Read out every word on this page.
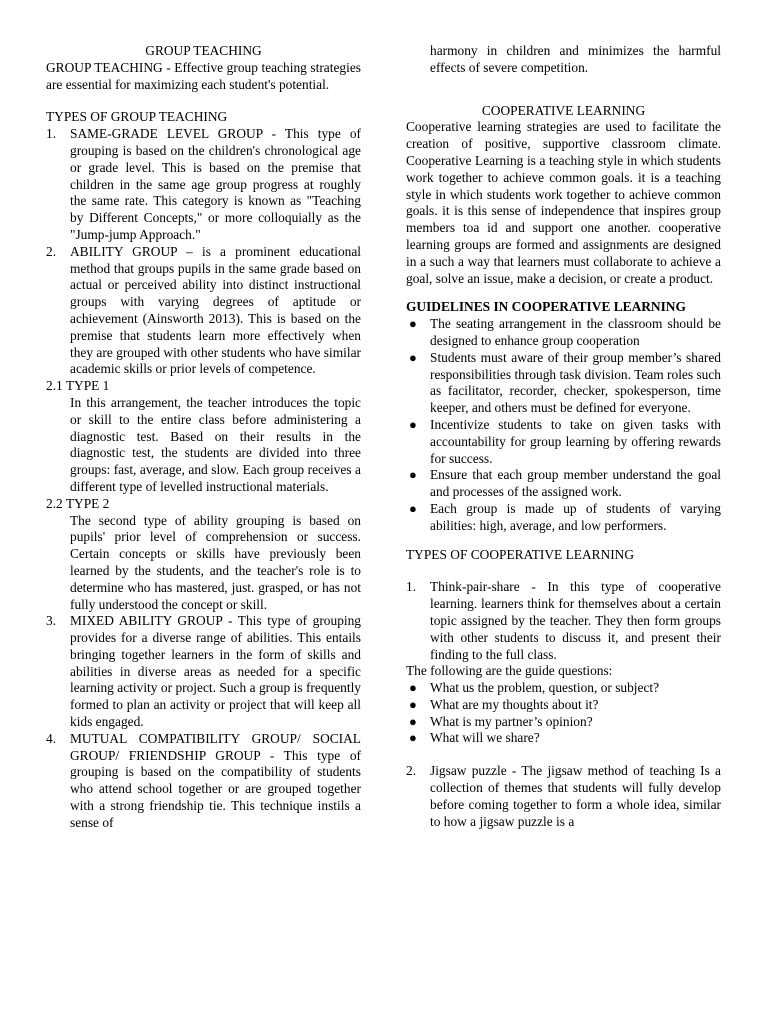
GROUP TEACHING

GROUP TEACHING - Effective group teaching strategies are essential for maximizing each student's potential.

TYPES OF GROUP TEACHING

1. SAME-GRADE LEVEL GROUP - This type of grouping is based on the children's chronological age or grade level. This is based on the premise that children in the same age group progress at roughly the same rate. This category is known as "Teaching by Different Concepts," or more colloquially as the "Jump-jump Approach."
2. ABILITY GROUP – is a prominent educational method that groups pupils in the same grade based on actual or perceived ability into distinct instructional groups with varying degrees of aptitude or achievement (Ainsworth 2013). This is based on the premise that students learn more effectively when they are grouped with other students who have similar academic skills or prior levels of competence.

2.1 TYPE 1

In this arrangement, the teacher introduces the topic or skill to the entire class before administering a diagnostic test. Based on their results in the diagnostic test, the students are divided into three groups: fast, average, and slow. Each group receives a different type of levelled instructional materials.

2.2 TYPE 2

The second type of ability grouping is based on pupils' prior level of comprehension or success. Certain concepts or skills have previously been learned by the students, and the teacher's role is to determine who has mastered, just. grasped, or has not fully understood the concept or skill.

3. MIXED ABILITY GROUP - This type of grouping provides for a diverse range of abilities. This entails bringing together learners in the form of skills and abilities in diverse areas as needed for a specific learning activity or project. Such a group is frequently formed to plan an activity or project that will keep all kids engaged.
4. MUTUAL COMPATIBILITY GROUP/ SOCIAL GROUP/ FRIENDSHIP GROUP - This type of grouping is based on the compatibility of students who attend school together or are grouped together with a strong friendship tie. This technique instils a sense of

harmony in children and minimizes the harmful effects of severe competition.

COOPERATIVE LEARNING

Cooperative learning strategies are used to facilitate the creation of positive, supportive classroom climate. Cooperative Learning is a teaching style in which students work together to achieve common goals. it is a teaching style in which students work together to achieve common goals. it is this sense of independence that inspires group members toa id and support one another. cooperative learning groups are formed and assignments are designed in a such a way that learners must collaborate to achieve a goal, solve an issue, make a decision, or create a product.

GUIDELINES IN COOPERATIVE LEARNING

● The seating arrangement in the classroom should be designed to enhance group cooperation
● Students must aware of their group member’s shared responsibilities through task division. Team roles such as facilitator, recorder, checker, spokesperson, time keeper, and others must be defined for everyone.
● Incentivize students to take on given tasks with accountability for group learning by offering rewards for success.
● Ensure that each group member understand the goal and processes of the assigned work.
● Each group is made up of students of varying abilities: high, average, and low performers.

TYPES OF COOPERATIVE LEARNING

1. Think-pair-share - In this type of cooperative learning. learners think for themselves about a certain topic assigned by the teacher. They then form groups with other students to discuss it, and present their finding to the full class.

The following are the guide questions:

● What us the problem, question, or subject?
● What are my thoughts about it?
● What is my partner’s opinion?
● What will we share?
2. Jigsaw puzzle - The jigsaw method of teaching Is a collection of themes that students will fully develop before coming together to form a whole idea, similar to how a jigsaw puzzle is a
